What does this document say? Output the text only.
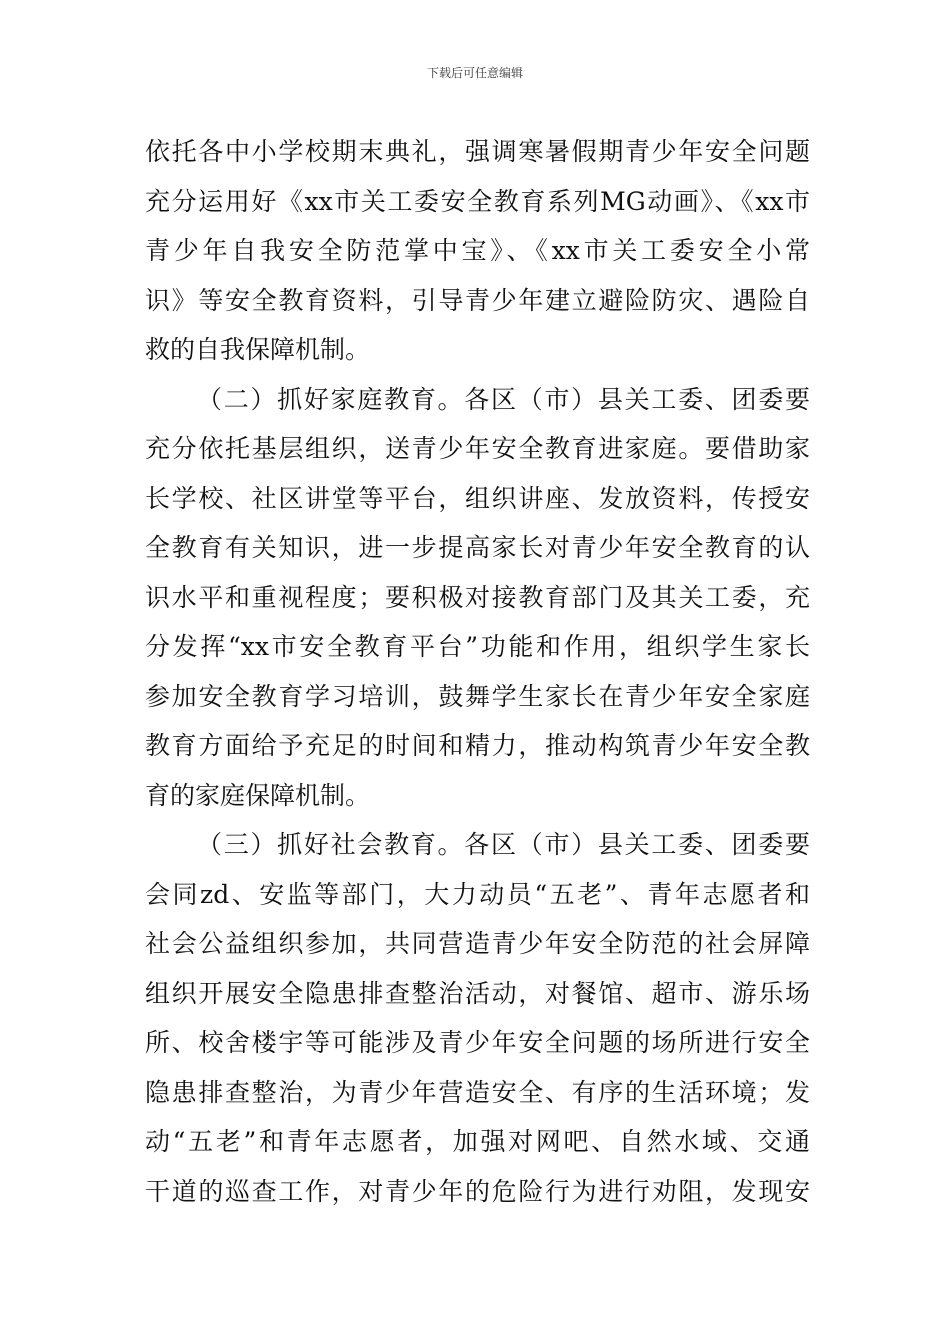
下载后可任意编辑
依托各中小学校期末典礼，强调寒暑假期青少年安全问题
充分运用好《xx市关工委安全教育系列MG动画》、《xx市
青少年自我安全防范掌中宝》、《xx市关工委安全小常
识》等安全教育资料，引导青少年建立避险防灾、遇险自
救的自我保障机制。
（二）抓好家庭教育。各区（市）县关工委、团委要
充分依托基层组织，送青少年安全教育进家庭。要借助家
长学校、社区讲堂等平台，组织讲座、发放资料，传授安
全教育有关知识，进一步提高家长对青少年安全教育的认
识水平和重视程度；要积极对接教育部门及其关工委，充
分发挥“xx市安全教育平台”功能和作用，组织学生家长
参加安全教育学习培训，鼓舞学生家长在青少年安全家庭
教育方面给予充足的时间和精力，推动构筑青少年安全教
育的家庭保障机制。
（三）抓好社会教育。各区（市）县关工委、团委要
会同zd、安监等部门，大力动员“五老”、青年志愿者和
社会公益组织参加，共同营造青少年安全防范的社会屏障
组织开展安全隐患排查整治活动，对餐馆、超市、游乐场
所、校舍楼宇等可能涉及青少年安全问题的场所进行安全
隐患排查整治，为青少年营造安全、有序的生活环境；发
动“五老”和青年志愿者，加强对网吧、自然水域、交通
干道的巡查工作，对青少年的危险行为进行劝阻，发现安
